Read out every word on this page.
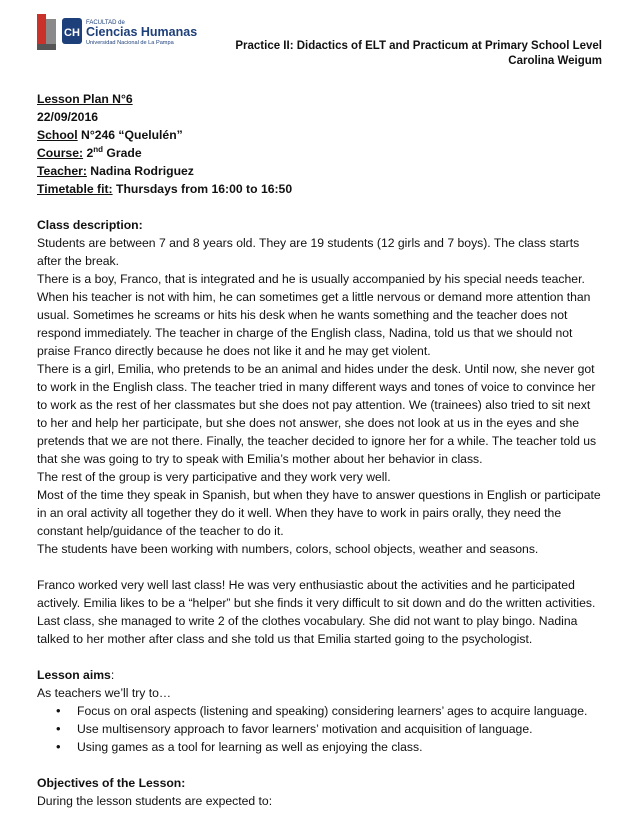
CH
FACULTAD de
Ciencias Humanas
Universidad Nacional de La Pampa	Practice II: Didactics of ELT and Practicum at Primary School Level
Carolina Weigum

Lesson Plan N°6

22/09/2016

School N°246 “Quelulén”

Course: 2nd Grade

Teacher: Nadina Rodriguez

Timetable fit: Thursdays from 16:00 to 16:50

Class description:

Students are between 7 and 8 years old. They are 19 students (12 girls and 7 boys). The class starts after the break.

There is a boy, Franco, that is integrated and he is usually accompanied by his special needs teacher. When his teacher is not with him, he can sometimes get a little nervous or demand more attention than usual. Sometimes he screams or hits his desk when he wants something and the teacher does not respond immediately. The teacher in charge of the English class, Nadina, told us that we should not praise Franco directly because he does not like it and he may get violent.

There is a girl, Emilia, who pretends to be an animal and hides under the desk. Until now, she never got to work in the English class. The teacher tried in many different ways and tones of voice to convince her to work as the rest of her classmates but she does not pay attention. We (trainees) also tried to sit next to her and help her participate, but she does not answer, she does not look at us in the eyes and she pretends that we are not there. Finally, the teacher decided to ignore her for a while. The teacher told us that she was going to try to speak with Emilia’s mother about her behavior in class.

The rest of the group is very participative and they work very well.

Most of the time they speak in Spanish, but when they have to answer questions in English or participate in an oral activity all together they do it well. When they have to work in pairs orally, they need the constant help/guidance of the teacher to do it.

The students have been working with numbers, colors, school objects, weather and seasons.

Franco worked very well last class! He was very enthusiastic about the activities and he participated actively. Emilia likes to be a “helper” but she finds it very difficult to sit down and do the written activities. Last class, she managed to write 2 of the clothes vocabulary. She did not want to play bingo. Nadina talked to her mother after class and she told us that Emilia started going to the psychologist.

Lesson aims:

As teachers we’ll try to…

• Focus on oral aspects (listening and speaking) considering learners’ ages to acquire language.
• Use multisensory approach to favor learners’ motivation and acquisition of language.
• Using games as a tool for learning as well as enjoying the class.

Objectives of the Lesson:

During the lesson students are expected to:
